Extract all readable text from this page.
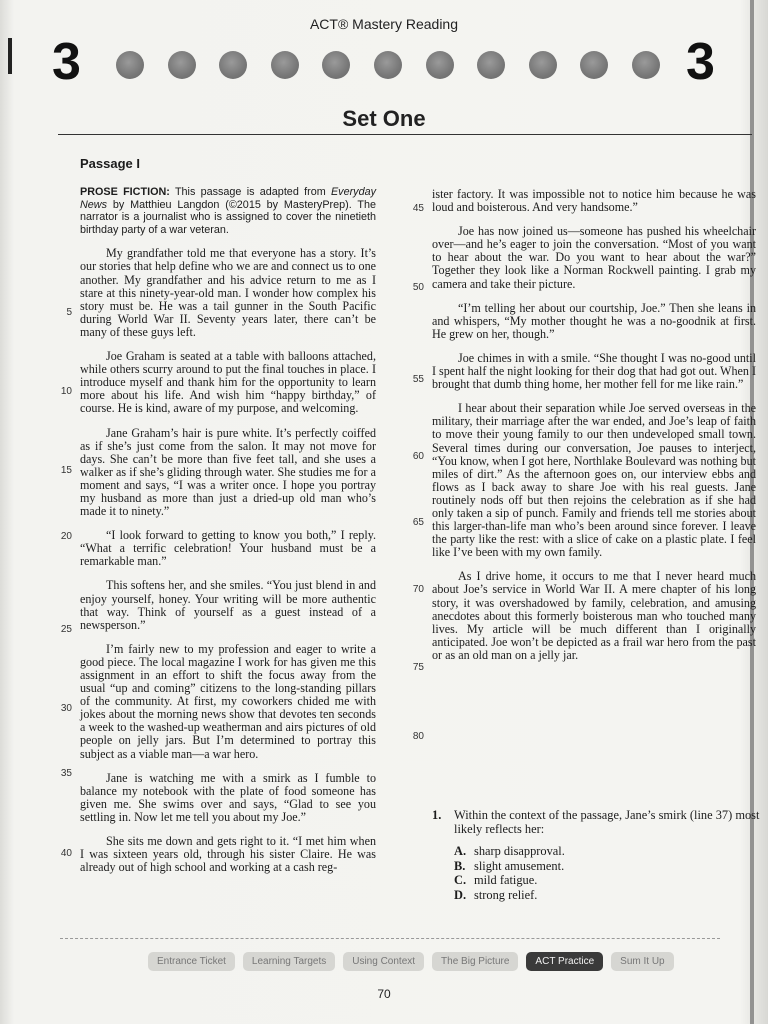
ACT® Mastery Reading
3	3
Set One
Passage I

PROSE FICTION: This passage is adapted from Everyday News by Matthieu Langdon (©2015 by MasteryPrep). The narrator is a journalist who is assigned to cover the ninetieth birthday party of a war veteran.

My grandfather told me that everyone has a story. It’s our stories that help define who we are and connect us to one another. My grandfather and his advice return to me as I stare at this ninety-year-old man. I wonder how complex his story must be. He was a tail gunner in the South Pacific during World War II. Seventy years later, there can’t be many of these guys left.

Joe Graham is seated at a table with balloons attached, while others scurry around to put the final touches in place. I introduce myself and thank him for the opportunity to learn more about his life. And wish him “happy birthday,” of course. He is kind, aware of my purpose, and welcoming.

Jane Graham’s hair is pure white. It’s perfectly coiffed as if she’s just come from the salon. It may not move for days. She can’t be more than five feet tall, and she uses a walker as if she’s gliding through water. She studies me for a moment and says, “I was a writer once. I hope you portray my husband as more than just a dried-up old man who’s made it to ninety.”

“I look forward to getting to know you both,” I reply. “What a terrific celebration! Your husband must be a remarkable man.”

This softens her, and she smiles. “You just blend in and enjoy yourself, honey. Your writing will be more authentic that way. Think of yourself as a guest instead of a newsperson.”

I’m fairly new to my profession and eager to write a good piece. The local magazine I work for has given me this assignment in an effort to shift the focus away from the usual “up and coming” citizens to the long-standing pillars of the community. At first, my coworkers chided me with jokes about the morning news show that devotes ten seconds a week to the washed-up weatherman and airs pictures of old people on jelly jars. But I’m determined to portray this subject as a viable man—a war hero.

Jane is watching me with a smirk as I fumble to balance my notebook with the plate of food someone has given me. She swims over and says, “Glad to see you settling in. Now let me tell you about my Joe.”

She sits me down and gets right to it. “I met him when I was sixteen years old, through his sister Claire. He was already out of high school and working at a cash reg-

5
10
15
20
25
30
35
40

ister factory. It was impossible not to notice him because he was loud and boisterous. And very handsome.”

Joe has now joined us—someone has pushed his wheelchair over—and he’s eager to join the conversation. “Most of you want to hear about the war. Do you want to hear about the war?” Together they look like a Norman Rockwell painting. I grab my camera and take their picture.

“I’m telling her about our courtship, Joe.” Then she leans in and whispers, “My mother thought he was a no-goodnik at first. He grew on her, though.”

Joe chimes in with a smile. “She thought I was no-good until I spent half the night looking for their dog that had got out. When I brought that dumb thing home, her mother fell for me like rain.”

I hear about their separation while Joe served overseas in the military, their marriage after the war ended, and Joe’s leap of faith to move their young family to our then undeveloped small town. Several times during our conversation, Joe pauses to interject, “You know, when I got here, Northlake Boulevard was nothing but miles of dirt.” As the afternoon goes on, our interview ebbs and flows as I back away to share Joe with his real guests. Jane routinely nods off but then rejoins the celebration as if she had only taken a sip of punch. Family and friends tell me stories about this larger-than-life man who’s been around since forever. I leave the party like the rest: with a slice of cake on a plastic plate. I feel like I’ve been with my own family.

As I drive home, it occurs to me that I never heard much about Joe’s service in World War II. A mere chapter of his long story, it was overshadowed by family, celebration, and amusing anecdotes about this formerly boisterous man who touched many lives. My article will be much different than I originally anticipated. Joe won’t be depicted as a frail war hero from the past or as an old man on a jelly jar.

45
50
55
60
65
70
75
80
1.	Within the context of the passage, Jane’s smirk (line 37) most likely reflects her:
A. sharp disapproval.
B. slight amusement.
C. mild fatigue.
D. strong relief.
Entrance Ticket	Learning Targets	Using Context	The Big Picture	ACT Practice	Sum It Up
70
